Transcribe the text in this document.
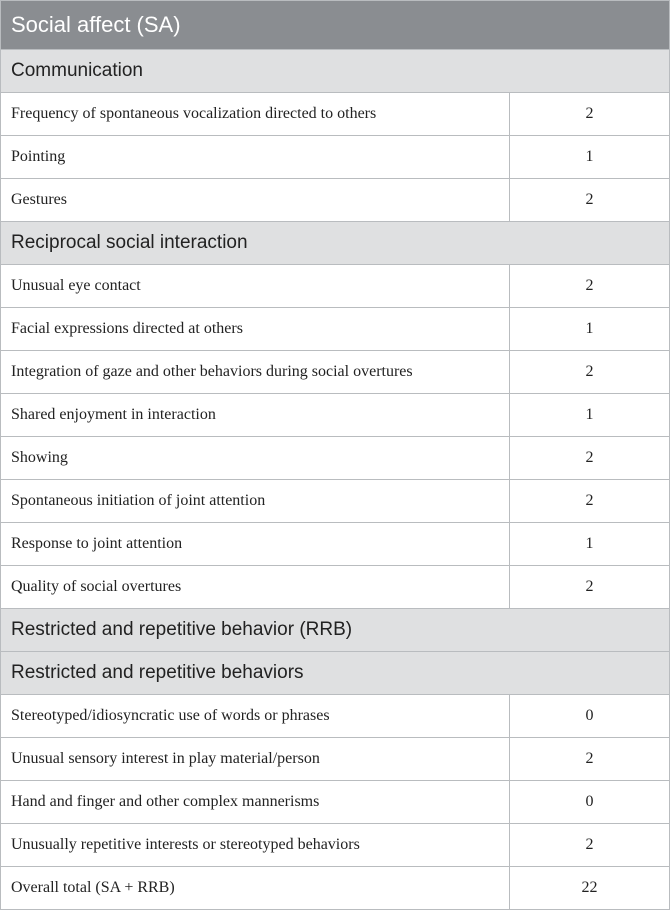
Social affect (SA)
Communication
Frequency of spontaneous vocalization directed to others	2
Pointing	1
Gestures	2
Reciprocal social interaction
Unusual eye contact	2
Facial expressions directed at others	1
Integration of gaze and other behaviors during social overtures	2
Shared enjoyment in interaction	1
Showing	2
Spontaneous initiation of joint attention	2
Response to joint attention	1
Quality of social overtures	2
Restricted and repetitive behavior (RRB)
Restricted and repetitive behaviors
Stereotyped/idiosyncratic use of words or phrases	0
Unusual sensory interest in play material/person	2
Hand and finger and other complex mannerisms	0
Unusually repetitive interests or stereotyped behaviors	2
Overall total (SA + RRB)	22
